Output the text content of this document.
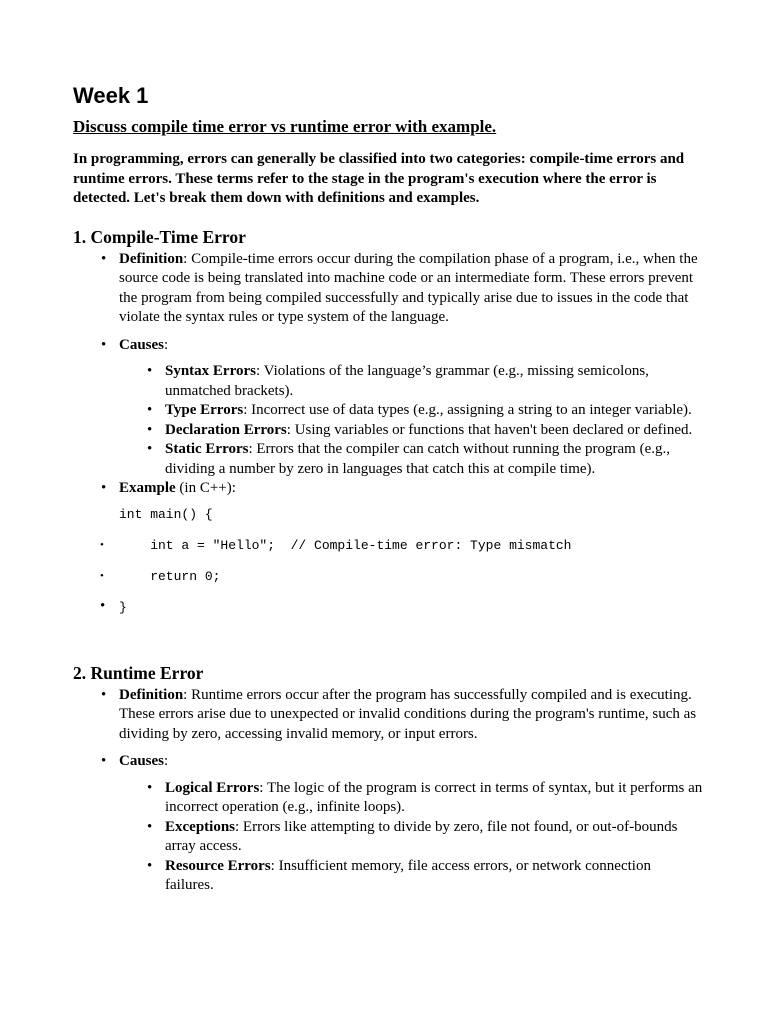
Week 1
Discuss compile time error vs runtime error with example.

In programming, errors can generally be classified into two categories: compile-time errors and runtime errors. These terms refer to the stage in the program's execution where the error is detected. Let's break them down with definitions and examples.

1. Compile-Time Error
• Definition: Compile-time errors occur during the compilation phase of a program, i.e., when the source code is being translated into machine code or an intermediate form. These errors prevent the program from being compiled successfully and typically arise due to issues in the code that violate the syntax rules or type system of the language.
• Causes:
• Syntax Errors: Violations of the language’s grammar (e.g., missing semicolons, unmatched brackets).
• Type Errors: Incorrect use of data types (e.g., assigning a string to an integer variable).
• Declaration Errors: Using variables or functions that haven't been declared or defined.
• Static Errors: Errors that the compiler can catch without running the program (e.g., dividing a number by zero in languages that catch this at compile time).
• Example (in C++):
int main() {
• int a = "Hello";  // Compile-time error: Type mismatch
• return 0;
• }
2. Runtime Error
• Definition: Runtime errors occur after the program has successfully compiled and is executing. These errors arise due to unexpected or invalid conditions during the program's runtime, such as dividing by zero, accessing invalid memory, or input errors.
• Causes:
• Logical Errors: The logic of the program is correct in terms of syntax, but it performs an incorrect operation (e.g., infinite loops).
• Exceptions: Errors like attempting to divide by zero, file not found, or out-of-bounds array access.
• Resource Errors: Insufficient memory, file access errors, or network connection failures.
